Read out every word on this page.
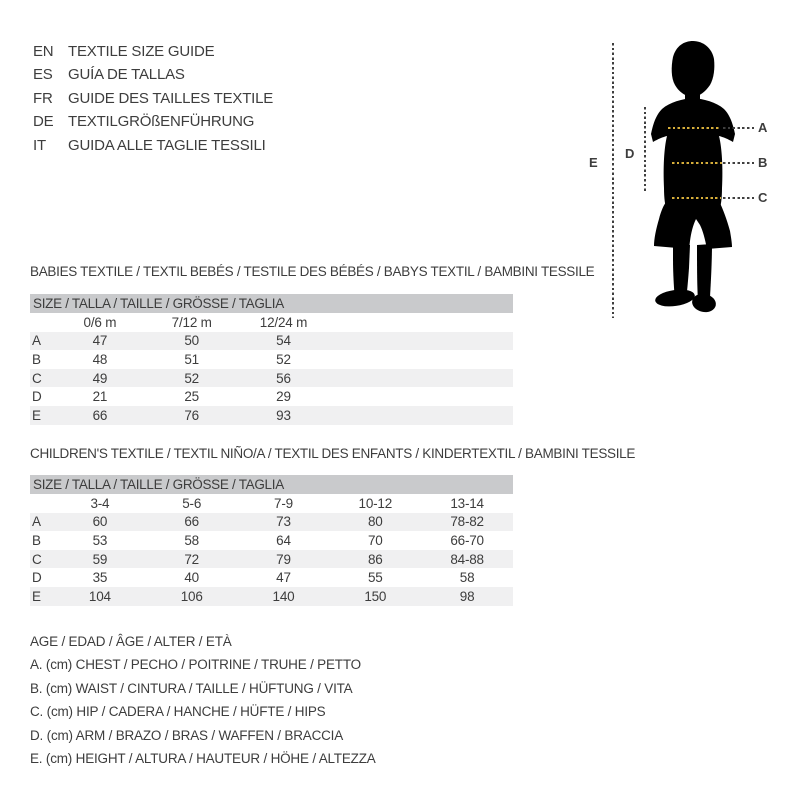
EN TEXTILE SIZE GUIDE
ES	GUÍA DE TALLAS
FR	GUIDE DES TAILLES TEXTILE
DE TEXTILGRÖßENFÜHRUNG
IT	GUIDA ALLE TAGLIE TESSILI
A
B
C
D
E
BABIES TEXTILE / TEXTIL BEBÉS / TESTILE DES BÉBÉS / BABYS TEXTIL / BAMBINI TESSILE
SIZE / TALLA / TAILLE / GRÖSSE / TAGLIA
0/6 m	7/12 m	12/24 m
A	47	50	54
B	48	51	52
C	49	52	56
D	21	25	29
E	66	76	93
CHILDREN'S TEXTILE / TEXTIL NIÑO/A / TEXTIL DES ENFANTS / KINDERTEXTIL / BAMBINI TESSILE
SIZE / TALLA / TAILLE / GRÖSSE / TAGLIA
3-4	5-6	7-9	10-12	13-14
A	60	66	73	80	78-82
B	53	58	64	70	66-70
C	59	72	79	86	84-88
D	35	40	47	55	58
E	104	106	140	150	98
AGE / EDAD / ÂGE / ALTER / ETÀ
A. (cm) CHEST / PECHO / POITRINE / TRUHE / PETTO
B. (cm) WAIST / CINTURA / TAILLE / HÜFTUNG / VITA
C. (cm) HIP / CADERA / HANCHE / HÜFTE / HIPS
D. (cm) ARM / BRAZO / BRAS / WAFFEN / BRACCIA
E. (cm) HEIGHT / ALTURA / HAUTEUR / HÖHE / ALTEZZA
